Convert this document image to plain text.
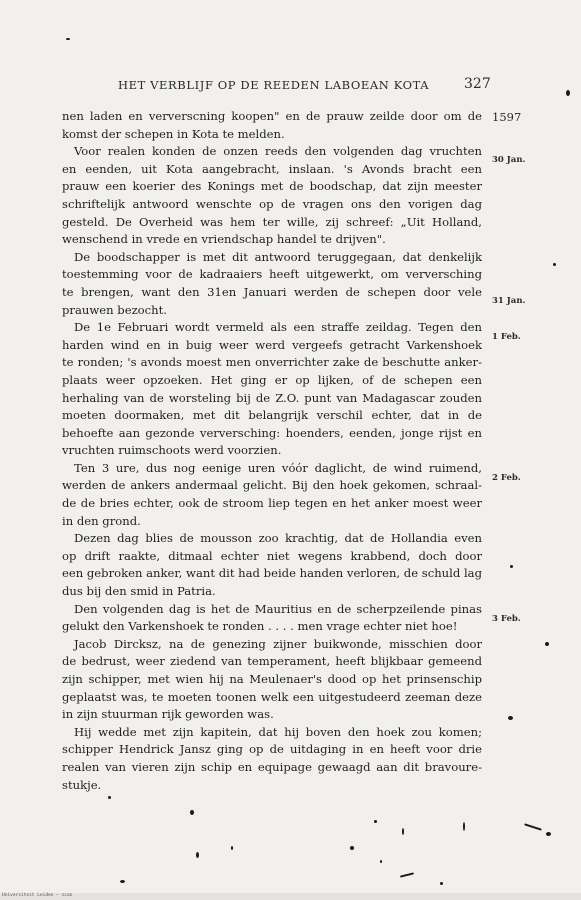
HET VERBLIJF OP DE REEDEN LABOEAN KOTA 327
nen laden en ververscning koopen" en de prauw zeilde door om de
komst der schepen in Kota te melden.
Voor realen konden de onzen reeds den volgenden dag vruchten
en eenden, uit Kota aangebracht, inslaan. 's Avonds bracht een
prauw een koerier des Konings met de boodschap, dat zijn meester
schriftelijk antwoord wenschte op de vragen ons den vorigen dag
gesteld. De Overheid was hem ter wille, zij schreef: „Uit Holland,
wenschend in vrede en vriendschap handel te drijven".
De boodschapper is met dit antwoord teruggegaan, dat denkelijk
toestemming voor de kadraaiers heeft uitgewerkt, om verversching
te brengen, want den 31en Januari werden de schepen door vele
prauwen bezocht.
De 1e Februari wordt vermeld als een straffe zeildag. Tegen den
harden wind en in buig weer werd vergeefs getracht Varkenshoek
te ronden; 's avonds moest men onverrichter zake de beschutte anker-
plaats weer opzoeken. Het ging er op lijken, of de schepen een
herhaling van de worsteling bij de Z.O. punt van Madagascar zouden
moeten doormaken, met dit belangrijk verschil echter, dat in de
behoefte aan gezonde verversching: hoenders, eenden, jonge rijst en
vruchten ruimschoots werd voorzien.
Ten 3 ure, dus nog eenige uren vóór daglicht, de wind ruimend,
werden de ankers andermaal gelicht. Bij den hoek gekomen, schraal-
de de bries echter, ook de stroom liep tegen en het anker moest weer
in den grond.
Dezen dag blies de mousson zoo krachtig, dat de Hollandia even
op drift raakte, ditmaal echter niet wegens krabbend, doch door
een gebroken anker, want dit had beide handen verloren, de schuld lag
dus bij den smid in Patria.
Den volgenden dag is het de Mauritius en de scherpzeilende pinas
gelukt den Varkenshoek te ronden . . . . men vrage echter niet hoe!
Jacob Dircksz, na de genezing zijner buikwonde, misschien door
de bedrust, weer ziedend van temperament, heeft blijkbaar gemeend
zijn schipper, met wien hij na Meulenaer's dood op het prinsenschip
geplaatst was, te moeten toonen welk een uitgestudeerd zeeman deze
in zijn stuurman rijk geworden was.
Hij wedde met zijn kapitein, dat hij boven den hoek zou komen;
schipper Hendrick Jansz ging op de uitdaging in en heeft voor drie
realen van vieren zijn schip en equipage gewaagd aan dit bravoure-
stukje.
1597
30 Jan.
31 Jan.
1 Feb.
2 Feb.
3 Feb.
Universiteit Leiden — scan
